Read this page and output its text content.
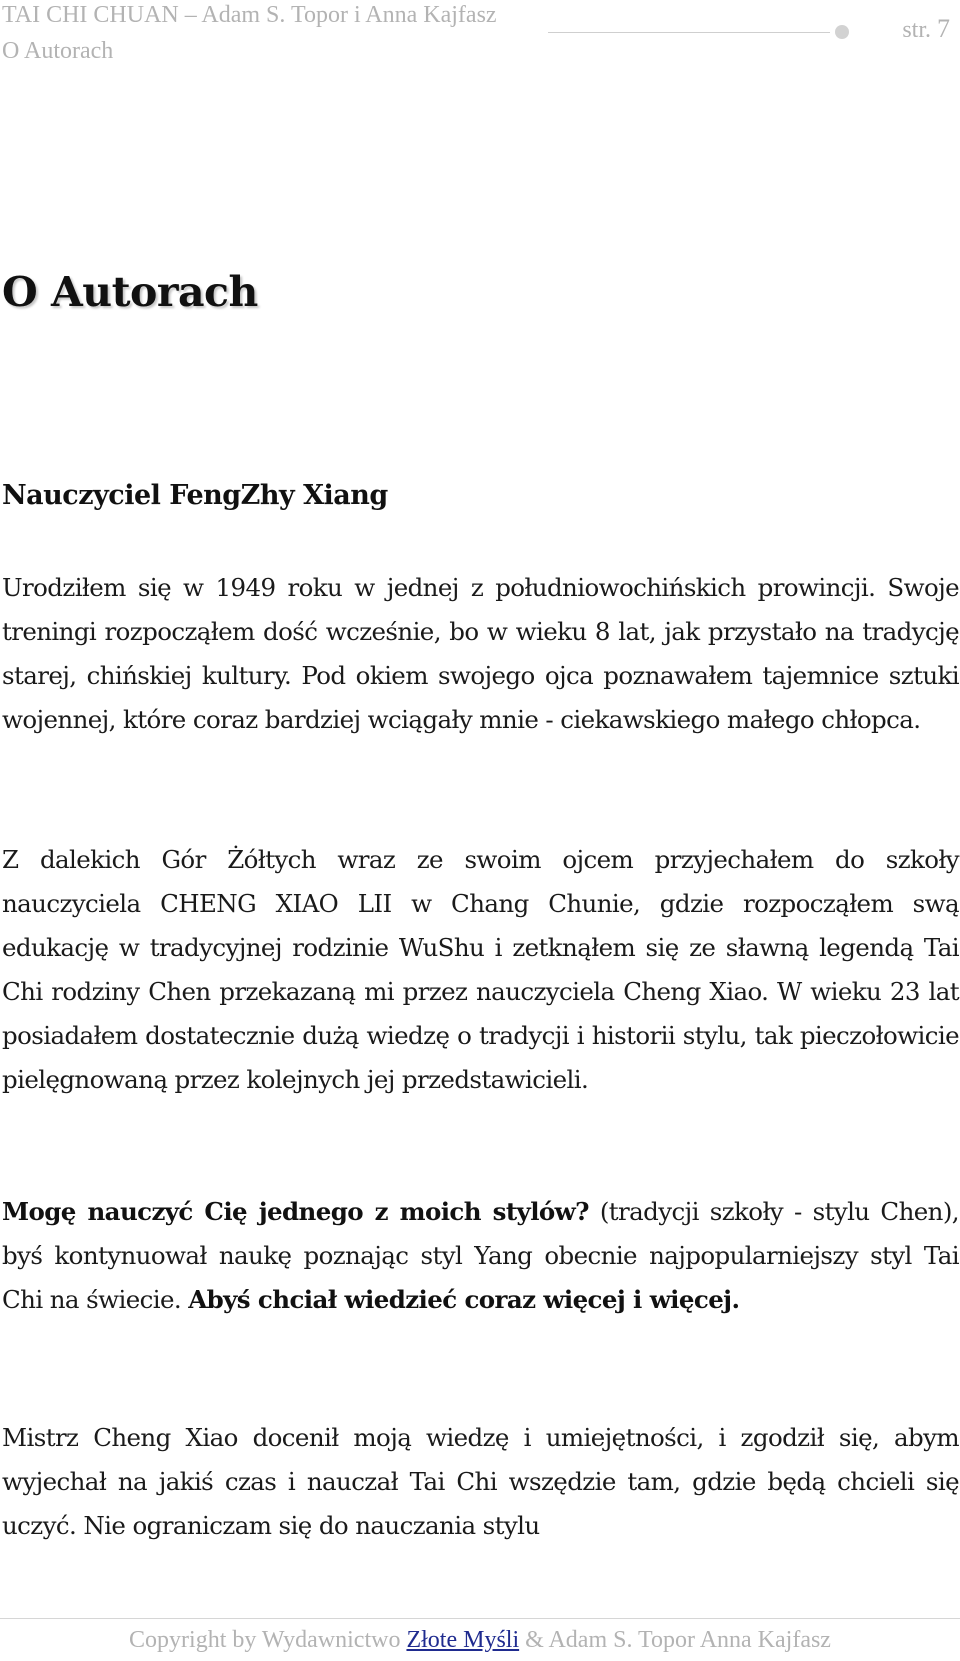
TAI CHI CHUAN – Adam S. Topor i Anna Kajfasz
str. 7
O Autorach
O Autorach
Nauczyciel FengZhy Xiang

Urodziłem się w 1949 roku w jednej z południowochińskich prowincji. Swoje treningi rozpocząłem dość wcześnie, bo w wieku 8 lat, jak przystało na tradycję starej, chińskiej kultury. Pod okiem swojego ojca poznawałem tajemnice sztuki wojennej, które coraz bardziej wciągały mnie - ciekawskiego małego chłopca.

Z dalekich Gór Żółtych wraz ze swoim ojcem przyjechałem do szkoły nauczyciela CHENG XIAO LII w Chang Chunie, gdzie rozpocząłem swą edukację w tradycyjnej rodzinie WuShu i zetknąłem się ze sławną legendą Tai Chi rodziny Chen przekazaną mi przez nauczyciela Cheng Xiao. W wieku 23 lat posiadałem dostatecznie dużą wiedzę o tradycji i historii stylu, tak pieczołowicie pielęgnowaną przez kolejnych jej przedstawicieli.

Mogę nauczyć Cię jednego z moich stylów? (tradycji szkoły - stylu Chen), byś kontynuował naukę poznając styl Yang obecnie najpopularniejszy styl Tai Chi na świecie. Abyś chciał wiedzieć coraz więcej i więcej.

Mistrz Cheng Xiao docenił moją wiedzę i umiejętności, i zgodził się, abym wyjechał na jakiś czas i nauczał Tai Chi wszędzie tam, gdzie będą chcieli się uczyć. Nie ograniczam się do nauczania stylu

Copyright by Wydawnictwo Złote Myśli & Adam S. Topor Anna Kajfasz
